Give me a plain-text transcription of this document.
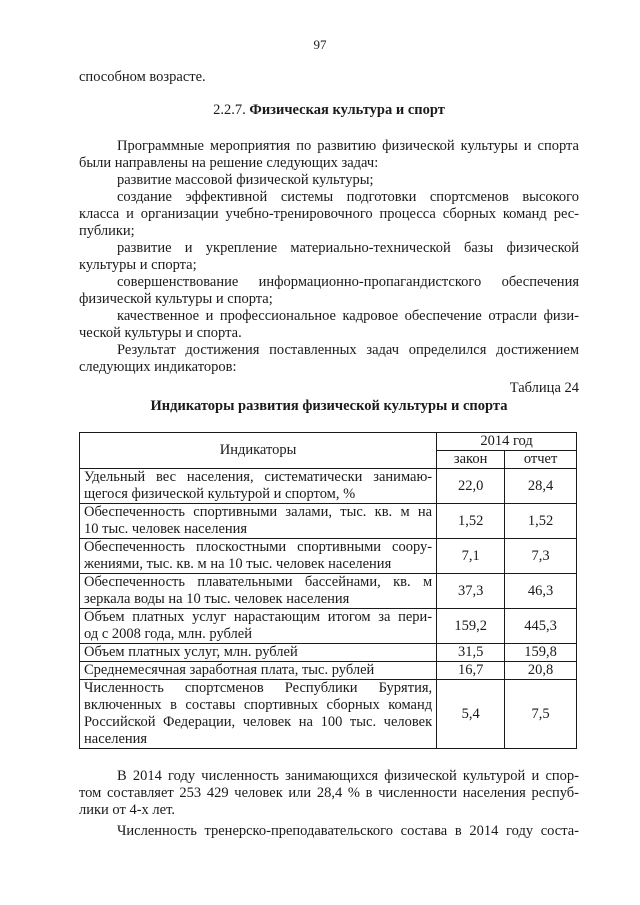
97
способном возрасте.
2.2.7. Физическая культура и спорт
Программные мероприятия по развитию физической культуры и спорта
были направлены на решение следующих задач:
развитие массовой физической культуры;
создание эффективной системы подготовки спортсменов высокого
класса и организации учебно-тренировочного процесса сборных команд рес-
публики;
развитие и укрепление материально-технической базы физической
культуры и спорта;
совершенствование информационно-пропагандистского обеспечения
физической культуры и спорта;
качественное и профессиональное кадровое обеспечение отрасли физи-
ческой культуры и спорта.
Результат достижения поставленных задач определился достижением
следующих индикаторов:
Таблица 24
Индикаторы развития физической культуры и спорта
Индикаторы	2014 год	
	закон	отчет

Удельный вес населения, систематически занимаю-
щегося физической культурой и спортом, %	22,0	28,4

Обеспеченность спортивными залами, тыс. кв. м на
10 тыс. человек населения	1,52	1,52

Обеспеченность плоскостными спортивными соору-
жениями, тыс. кв. м на 10 тыс. человек населения	7,1	7,3

Обеспеченность плавательными бассейнами, кв. м
зеркала воды на 10 тыс. человек населения	37,3	46,3

Объем платных услуг нарастающим итогом за пери-
од с 2008 года, млн. рублей	159,2	445,3

Объем платных услуг, млн. рублей	31,5	159,8

Среднемесячная заработная плата, тыс. рублей	16,7	20,8

Численность спортсменов Республики Бурятия,
включенных в составы спортивных сборных команд
Российской Федерации, человек на 100 тыс. человек
населения	5,4	7,5
В 2014 году численность занимающихся физической культурой и спор-
том составляет 253 429 человек или 28,4 % в численности населения респуб-
лики от 4-х лет.
Численность тренерско-преподавательского состава в 2014 году соста-
